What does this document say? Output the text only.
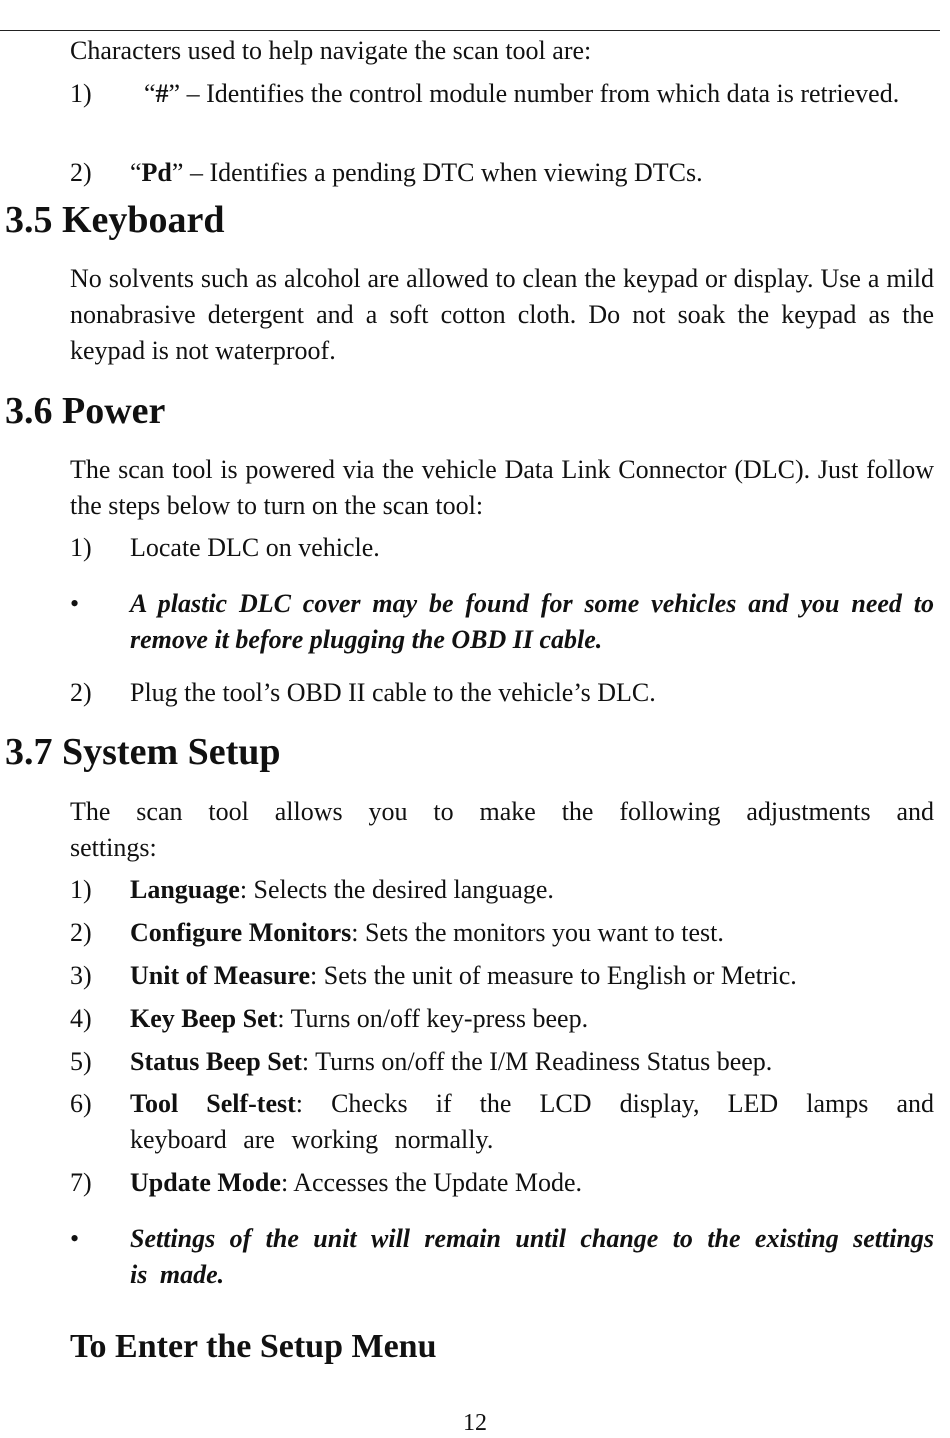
Characters used to help navigate the scan tool are:
1)	“#” – Identifies the control module number from which data is retrieved.
2) “Pd” – Identifies a pending DTC when viewing DTCs.
3.5 Keyboard
No solvents such as alcohol are allowed to clean the keypad or display. Use a mild nonabrasive detergent and a soft cotton cloth. Do not soak the keypad as the keypad is not waterproof.
3.6 Power
The scan tool is powered via the vehicle Data Link Connector (DLC). Just follow the steps below to turn on the scan tool:
1) Locate DLC on vehicle.
• A plastic DLC cover may be found for some vehicles and you need to remove it before plugging the OBD II cable.
2) Plug the tool’s OBD II cable to the vehicle’s DLC.
3.7 System Setup
The scan tool allows you to make the following adjustments and settings:
1) Language: Selects the desired language.
2) Configure Monitors: Sets the monitors you want to test.
3) Unit of Measure: Sets the unit of measure to English or Metric.
4) Key Beep Set: Turns on/off key-press beep.
5) Status Beep Set: Turns on/off the I/M Readiness Status beep.
6) Tool Self-test: Checks if the LCD display, LED lamps and keyboard are working normally.
7) Update Mode: Accesses the Update Mode.
• Settings of the unit will remain until change to the existing settings is made.
To Enter the Setup Menu
12
